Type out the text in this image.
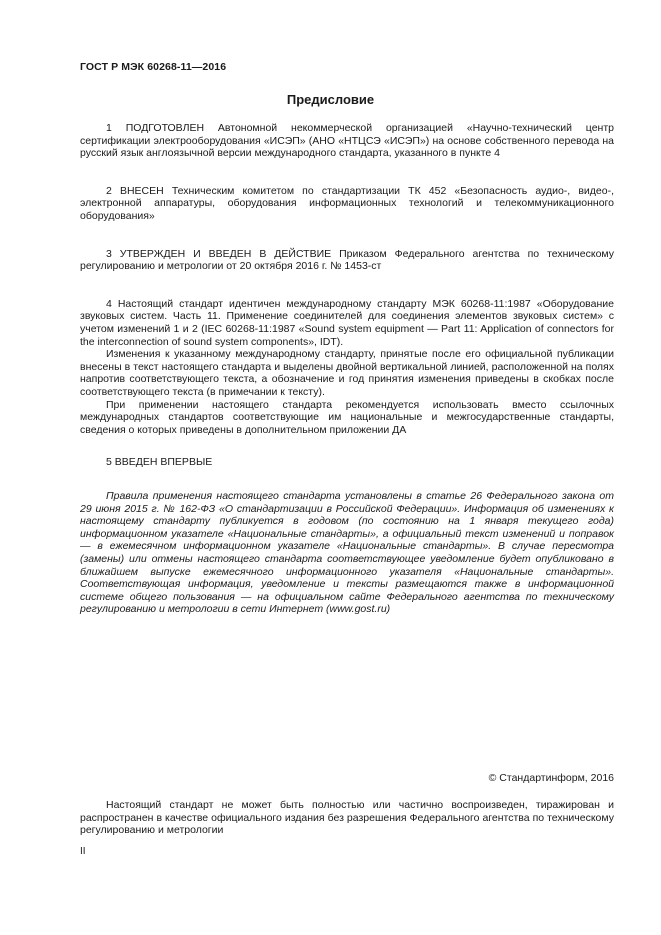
ГОСТ Р МЭК 60268-11—2016
Предисловие

1 ПОДГОТОВЛЕН Автономной некоммерческой организацией «Научно-технический центр сертификации электрооборудования «ИСЭП» (АНО «НТЦСЭ «ИСЭП») на основе собственного перевода на русский язык англоязычной версии международного стандарта, указанного в пункте 4

2 ВНЕСЕН Техническим комитетом по стандартизации ТК 452 «Безопасность аудио-, видео-, электронной аппаратуры, оборудования информационных технологий и телекоммуникационного оборудования»

3 УТВЕРЖДЕН И ВВЕДЕН В ДЕЙСТВИЕ Приказом Федерального агентства по техническому регулированию и метрологии от 20 октября 2016 г. № 1453-ст

4 Настоящий стандарт идентичен международному стандарту МЭК 60268-11:1987 «Оборудование звуковых систем. Часть 11. Применение соединителей для соединения элементов звуковых систем» с учетом изменений 1 и 2 (IEC 60268-11:1987 «Sound system equipment — Part 11: Application of connectors for the interconnection of sound system components», IDT).

Изменения к указанному международному стандарту, принятые после его официальной публикации внесены в текст настоящего стандарта и выделены двойной вертикальной линией, расположенной на полях напротив соответствующего текста, а обозначение и год принятия изменения приведены в скобках после соответствующего текста (в примечании к тексту).

При применении настоящего стандарта рекомендуется использовать вместо ссылочных международных стандартов соответствующие им национальные и межгосударственные стандарты, сведения о которых приведены в дополнительном приложении ДА

5 ВВЕДЕН ВПЕРВЫЕ

Правила применения настоящего стандарта установлены в статье 26 Федерального закона от 29 июня 2015 г. № 162-ФЗ «О стандартизации в Российской Федерации». Информация об изменениях к настоящему стандарту публикуется в годовом (по состоянию на 1 января текущего года) информационном указателе «Национальные стандарты», а официальный текст изменений и поправок — в ежемесячном информационном указателе «Национальные стандарты». В случае пересмотра (замены) или отмены настоящего стандарта соответствующее уведомление будет опубликовано в ближайшем выпуске ежемесячного информационного указателя «Национальные стандарты». Соответствующая информация, уведомление и тексты размещаются также в информационной системе общего пользования — на официальном сайте Федерального агентства по техническому регулированию и метрологии в сети Интернет (www.gost.ru)

© Стандартинформ, 2016

Настоящий стандарт не может быть полностью или частично воспроизведен, тиражирован и распространен в качестве официального издания без разрешения Федерального агентства по техническому регулированию и метрологии

II
